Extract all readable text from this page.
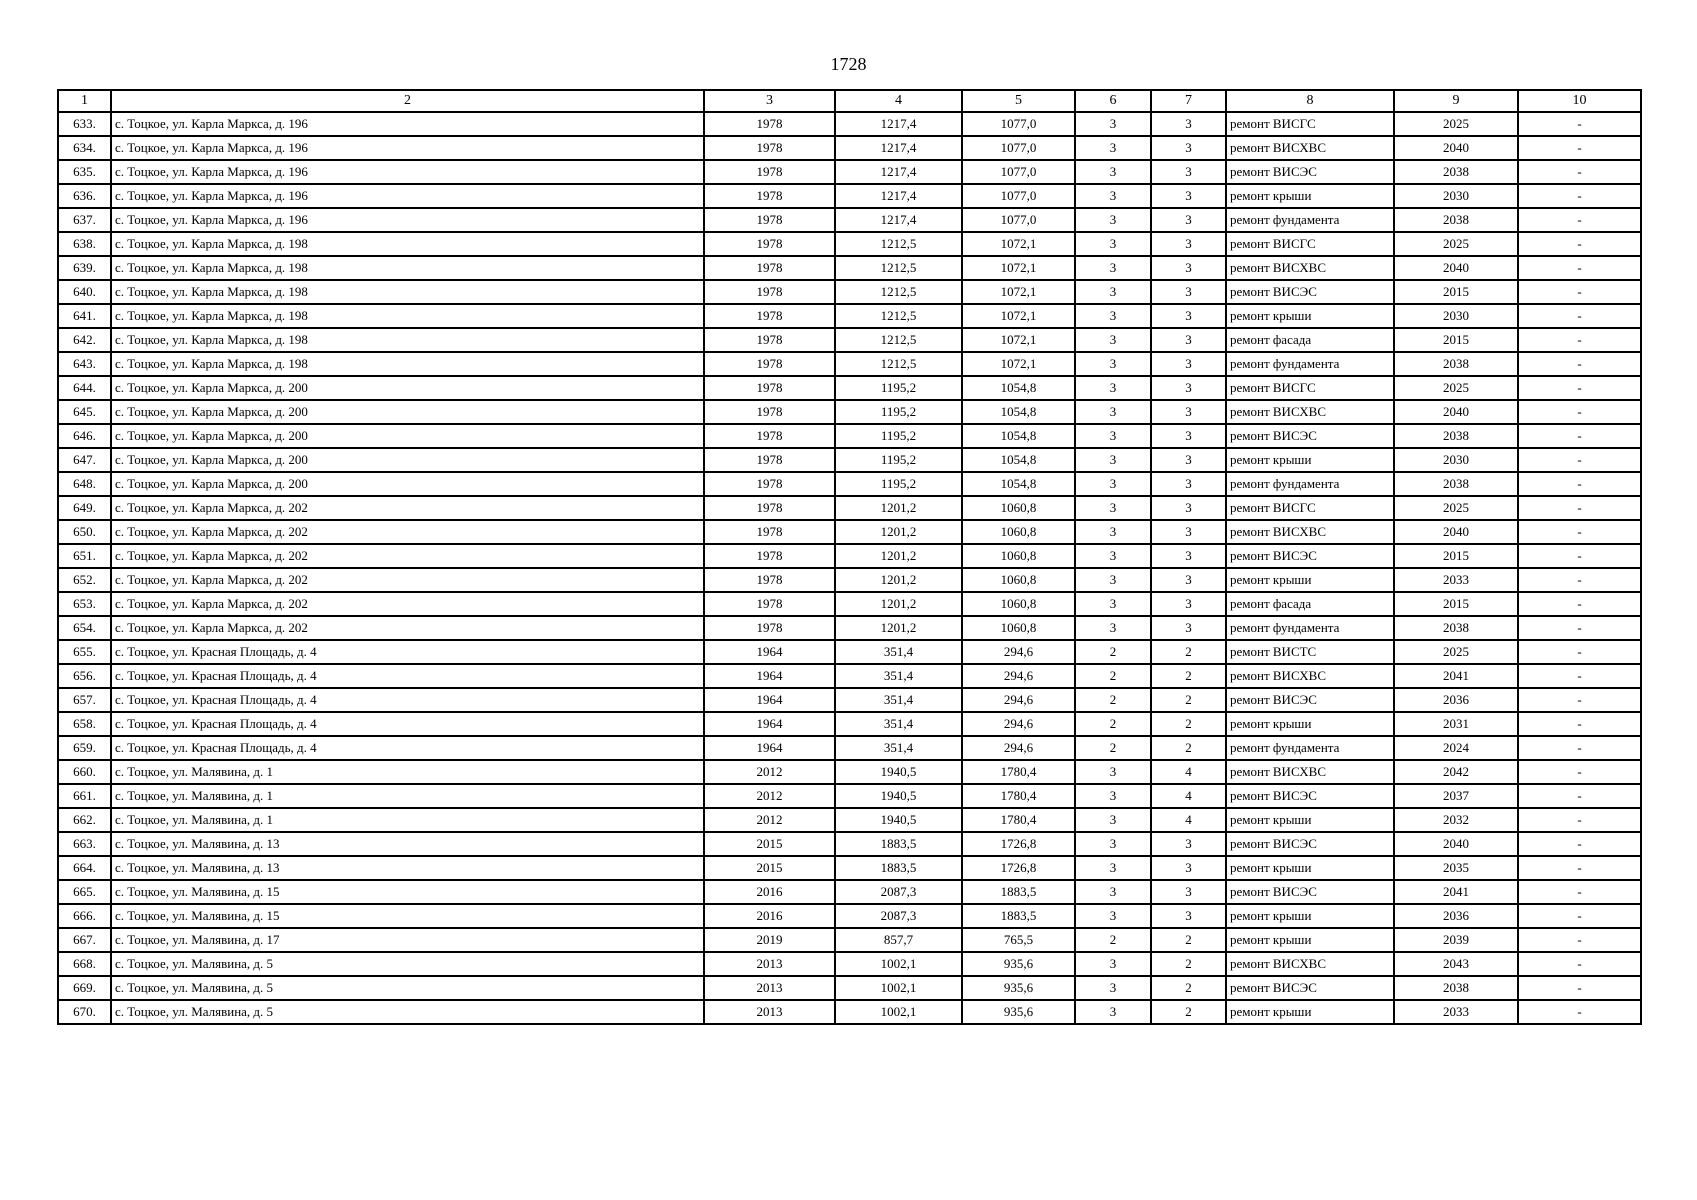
1728
1	2	3	4	5	6	7	8	9	10
633.	с. Тоцкое, ул. Карла Маркса, д. 196	1978	1217,4	1077,0	3	3	ремонт ВИСГС	2025	-
634.	с. Тоцкое, ул. Карла Маркса, д. 196	1978	1217,4	1077,0	3	3	ремонт ВИСХВС	2040	-
635.	с. Тоцкое, ул. Карла Маркса, д. 196	1978	1217,4	1077,0	3	3	ремонт ВИСЭС	2038	-
636.	с. Тоцкое, ул. Карла Маркса, д. 196	1978	1217,4	1077,0	3	3	ремонт крыши	2030	-
637.	с. Тоцкое, ул. Карла Маркса, д. 196	1978	1217,4	1077,0	3	3	ремонт фундамента	2038	-
638.	с. Тоцкое, ул. Карла Маркса, д. 198	1978	1212,5	1072,1	3	3	ремонт ВИСГС	2025	-
639.	с. Тоцкое, ул. Карла Маркса, д. 198	1978	1212,5	1072,1	3	3	ремонт ВИСХВС	2040	-
640.	с. Тоцкое, ул. Карла Маркса, д. 198	1978	1212,5	1072,1	3	3	ремонт ВИСЭС	2015	-
641.	с. Тоцкое, ул. Карла Маркса, д. 198	1978	1212,5	1072,1	3	3	ремонт крыши	2030	-
642.	с. Тоцкое, ул. Карла Маркса, д. 198	1978	1212,5	1072,1	3	3	ремонт фасада	2015	-
643.	с. Тоцкое, ул. Карла Маркса, д. 198	1978	1212,5	1072,1	3	3	ремонт фундамента	2038	-
644.	с. Тоцкое, ул. Карла Маркса, д. 200	1978	1195,2	1054,8	3	3	ремонт ВИСГС	2025	-
645.	с. Тоцкое, ул. Карла Маркса, д. 200	1978	1195,2	1054,8	3	3	ремонт ВИСХВС	2040	-
646.	с. Тоцкое, ул. Карла Маркса, д. 200	1978	1195,2	1054,8	3	3	ремонт ВИСЭС	2038	-
647.	с. Тоцкое, ул. Карла Маркса, д. 200	1978	1195,2	1054,8	3	3	ремонт крыши	2030	-
648.	с. Тоцкое, ул. Карла Маркса, д. 200	1978	1195,2	1054,8	3	3	ремонт фундамента	2038	-
649.	с. Тоцкое, ул. Карла Маркса, д. 202	1978	1201,2	1060,8	3	3	ремонт ВИСГС	2025	-
650.	с. Тоцкое, ул. Карла Маркса, д. 202	1978	1201,2	1060,8	3	3	ремонт ВИСХВС	2040	-
651.	с. Тоцкое, ул. Карла Маркса, д. 202	1978	1201,2	1060,8	3	3	ремонт ВИСЭС	2015	-
652.	с. Тоцкое, ул. Карла Маркса, д. 202	1978	1201,2	1060,8	3	3	ремонт крыши	2033	-
653.	с. Тоцкое, ул. Карла Маркса, д. 202	1978	1201,2	1060,8	3	3	ремонт фасада	2015	-
654.	с. Тоцкое, ул. Карла Маркса, д. 202	1978	1201,2	1060,8	3	3	ремонт фундамента	2038	-
655.	с. Тоцкое, ул. Красная Площадь, д. 4	1964	351,4	294,6	2	2	ремонт ВИСТС	2025	-
656.	с. Тоцкое, ул. Красная Площадь, д. 4	1964	351,4	294,6	2	2	ремонт ВИСХВС	2041	-
657.	с. Тоцкое, ул. Красная Площадь, д. 4	1964	351,4	294,6	2	2	ремонт ВИСЭС	2036	-
658.	с. Тоцкое, ул. Красная Площадь, д. 4	1964	351,4	294,6	2	2	ремонт крыши	2031	-
659.	с. Тоцкое, ул. Красная Площадь, д. 4	1964	351,4	294,6	2	2	ремонт фундамента	2024	-
660.	с. Тоцкое, ул. Малявина, д. 1	2012	1940,5	1780,4	3	4	ремонт ВИСХВС	2042	-
661.	с. Тоцкое, ул. Малявина, д. 1	2012	1940,5	1780,4	3	4	ремонт ВИСЭС	2037	-
662.	с. Тоцкое, ул. Малявина, д. 1	2012	1940,5	1780,4	3	4	ремонт крыши	2032	-
663.	с. Тоцкое, ул. Малявина, д. 13	2015	1883,5	1726,8	3	3	ремонт ВИСЭС	2040	-
664.	с. Тоцкое, ул. Малявина, д. 13	2015	1883,5	1726,8	3	3	ремонт крыши	2035	-
665.	с. Тоцкое, ул. Малявина, д. 15	2016	2087,3	1883,5	3	3	ремонт ВИСЭС	2041	-
666.	с. Тоцкое, ул. Малявина, д. 15	2016	2087,3	1883,5	3	3	ремонт крыши	2036	-
667.	с. Тоцкое, ул. Малявина, д. 17	2019	857,7	765,5	2	2	ремонт крыши	2039	-
668.	с. Тоцкое, ул. Малявина, д. 5	2013	1002,1	935,6	3	2	ремонт ВИСХВС	2043	-
669.	с. Тоцкое, ул. Малявина, д. 5	2013	1002,1	935,6	3	2	ремонт ВИСЭС	2038	-
670.	с. Тоцкое, ул. Малявина, д. 5	2013	1002,1	935,6	3	2	ремонт крыши	2033	-
